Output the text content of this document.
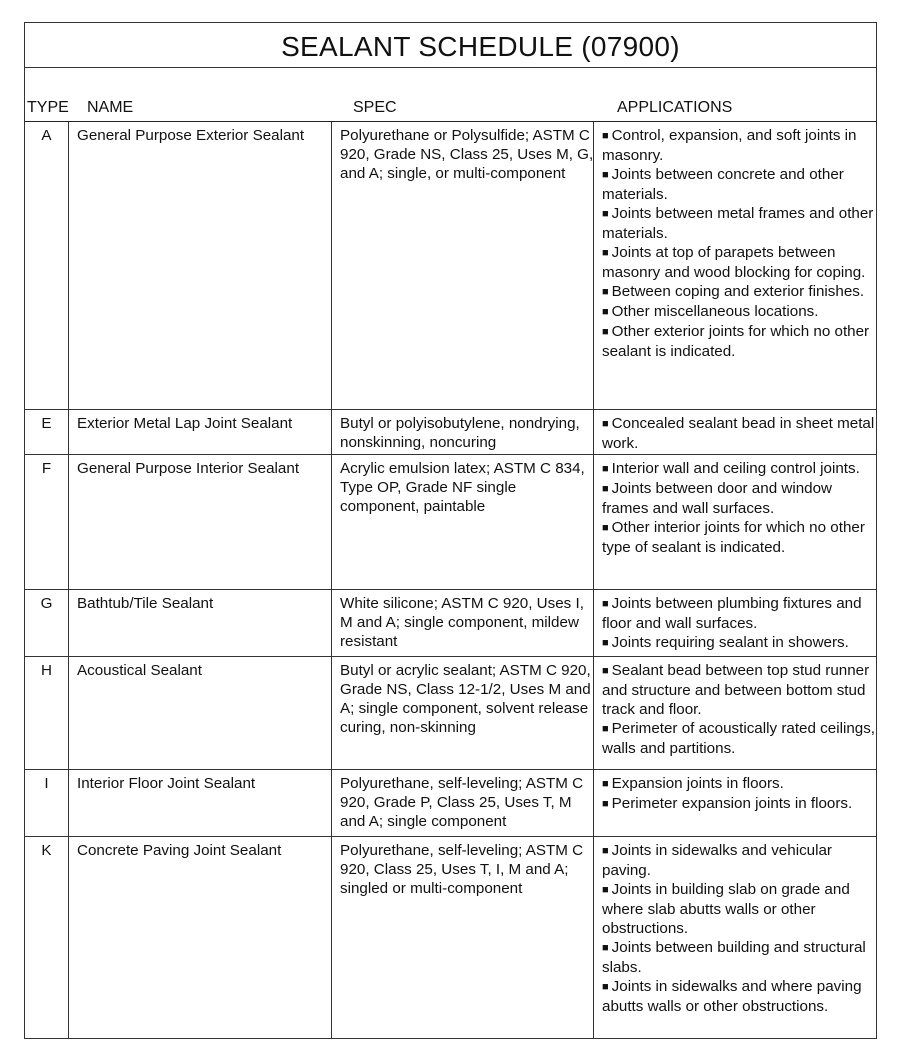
SEALANT SCHEDULE (07900)
TYPE NAME	SPEC	APPLICATIONS
A	General Purpose Exterior Sealant	Polyurethane or Polysulfide; ASTM C 920, Grade NS, Class 25, Uses M, G, and A; single, or multi-component
■ Control, expansion, and soft joints in masonry.
■ Joints between concrete and other materials.
■ Joints between metal frames and other materials.
■ Joints at top of parapets between masonry and wood blocking for coping.
■ Between coping and exterior finishes.
■ Other miscellaneous locations.
■ Other exterior joints for which no other sealant is indicated.
E	Exterior Metal Lap Joint Sealant	Butyl or polyisobutylene, nondrying, nonskinning, noncuring
■ Concealed sealant bead in sheet metal work.
F	General Purpose Interior Sealant	Acrylic emulsion latex; ASTM C 834, Type OP, Grade NF single component, paintable
■ Interior wall and ceiling control joints.
■ Joints between door and window frames and wall surfaces.
■ Other interior joints for which no other type of sealant is indicated.
G	Bathtub/Tile Sealant	White silicone; ASTM C 920, Uses I, M and A; single component, mildew resistant
■ Joints between plumbing fixtures and floor and wall surfaces.
■ Joints requiring sealant in showers.
H	Acoustical Sealant	Butyl or acrylic sealant; ASTM C 920, Grade NS, Class 12-1/2, Uses M and A; single component, solvent release curing, non-skinning
■ Sealant bead between top stud runner and structure and between bottom stud track and floor.
■ Perimeter of acoustically rated ceilings, walls and partitions.
I	Interior Floor Joint Sealant	Polyurethane, self-leveling; ASTM C 920, Grade P, Class 25, Uses T, M and A; single component
■ Expansion joints in floors.
■ Perimeter expansion joints in floors.
K	Concrete Paving Joint Sealant	Polyurethane, self-leveling; ASTM C 920, Class 25, Uses T, I, M and A; singled or multi-component
■ Joints in sidewalks and vehicular paving.
■ Joints in building slab on grade and where slab abutts walls or other obstructions.
■ Joints between building and structural slabs.
■ Joints in sidewalks and where paving abutts walls or other obstructions.
